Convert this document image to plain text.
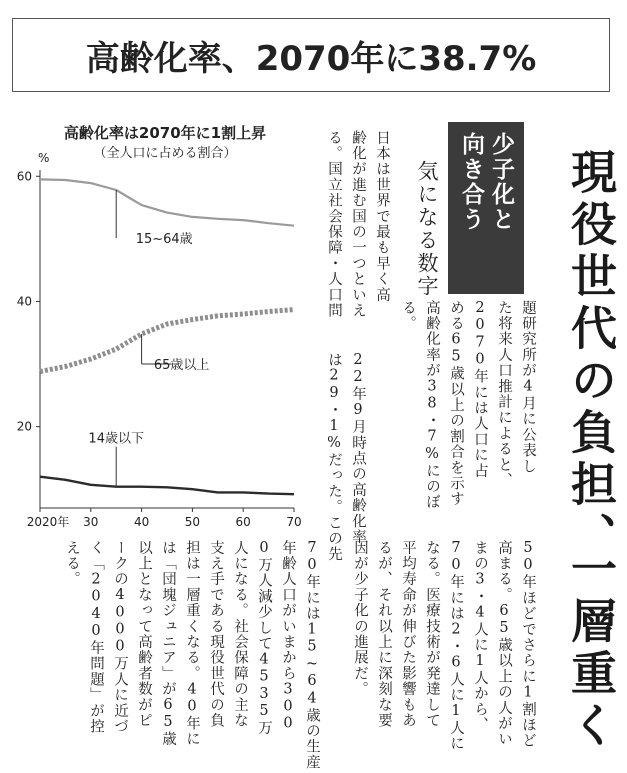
高齢化率、2070年に38.7%
高齢化率は2070年に1割上昇
（全人口に占める割合）
%
60
40
20
2020年 30	40	50	60	70
15~64歳
65歳以上
14歳以下	現役世代の負担、
一層重く
少子化と
向き合う
気になる数字
日本は世界で最も早く高
齢化が進む国の一つといえ
る。国立社会保障・人口問
題研究所が4月に公表し
た将来人口推計によると、
2070年には人口に占
める65歳以上の割合を示す
高齢化率が38・7%にのぼ
る。
22年9月時点の高齢化率
は29・1%だった。この先
50年ほどでさらに1割ほど
高まる。65歳以上の人がい
まの3・4人に1人から、
70年には2・6人に1人に
なる。医療技術が発達して
平均寿命が伸びた影響もあ
るが、それ以上に深刻な要
因が少子化の進展だ。
70年には15~64歳の生産
年齢人口がいまから300
0万人減少して4535万
人になる。社会保障の主な
支え手である現役世代の負
担は一層重くなる。40年に
は「団塊ジュニア」が65歳
以上となって高齢者数がピ
ークの4000万人に近づ
く「2040年問題」が控
える。
